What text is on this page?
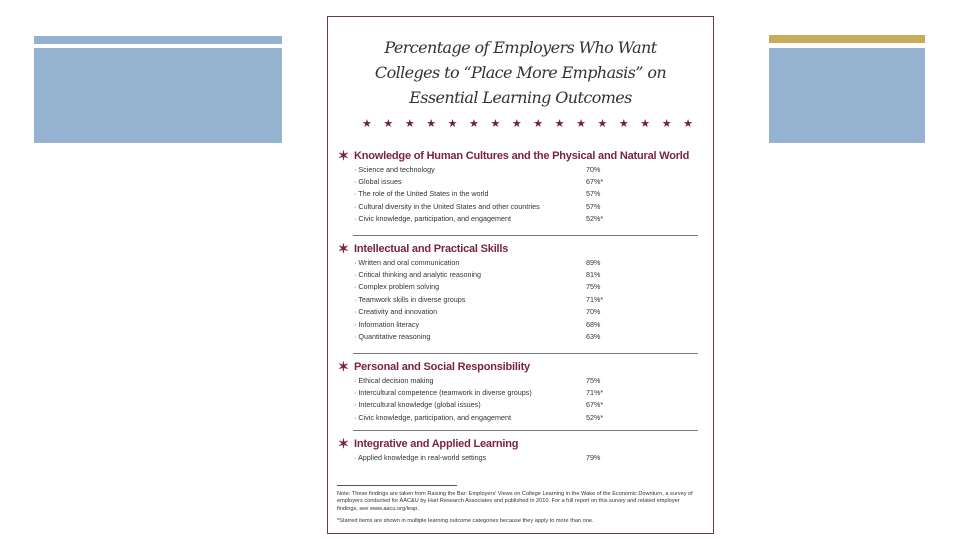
Percentage of Employers Who Want
Colleges to “Place More Emphasis” on
Essential Learning Outcomes
★ ★ ★ ★ ★ ★ ★ ★ ★ ★ ★ ★ ★ ★ ★ ★
✶ Knowledge of Human Cultures and the Physical and Natural World
· Science and technology	70%
· Global issues	67%*
· The role of the United States in the world	57%
· Cultural diversity in the United States and other countries	57%
· Civic knowledge, participation, and engagement	52%*
✶ Intellectual and Practical Skills
· Written and oral communication	89%
· Critical thinking and analytic reasoning	81%
· Complex problem solving	75%
· Teamwork skills in diverse groups	71%*
· Creativity and innovation	70%
· Information literacy	68%
· Quantitative reasoning	63%
✶ Personal and Social Responsibility
· Ethical decision making	75%
· Intercultural competence (teamwork in diverse groups)	71%*
· Intercultural knowledge (global issues)	67%*
· Civic knowledge, participation, and engagement	52%*
✶ Integrative and Applied Learning
· Applied knowledge in real-world settings	79%
Note: These findings are taken from Raising the Bar: Employers' Views on College Learning in the Wake of the Economic Downturn, a survey of employers conducted for AAC&U by Hart Research Associates and published in 2010. For a full report on this survey and related employer findings, see www.aacu.org/leap.
*Starred items are shown in multiple learning outcome categories because they apply to more than one.
